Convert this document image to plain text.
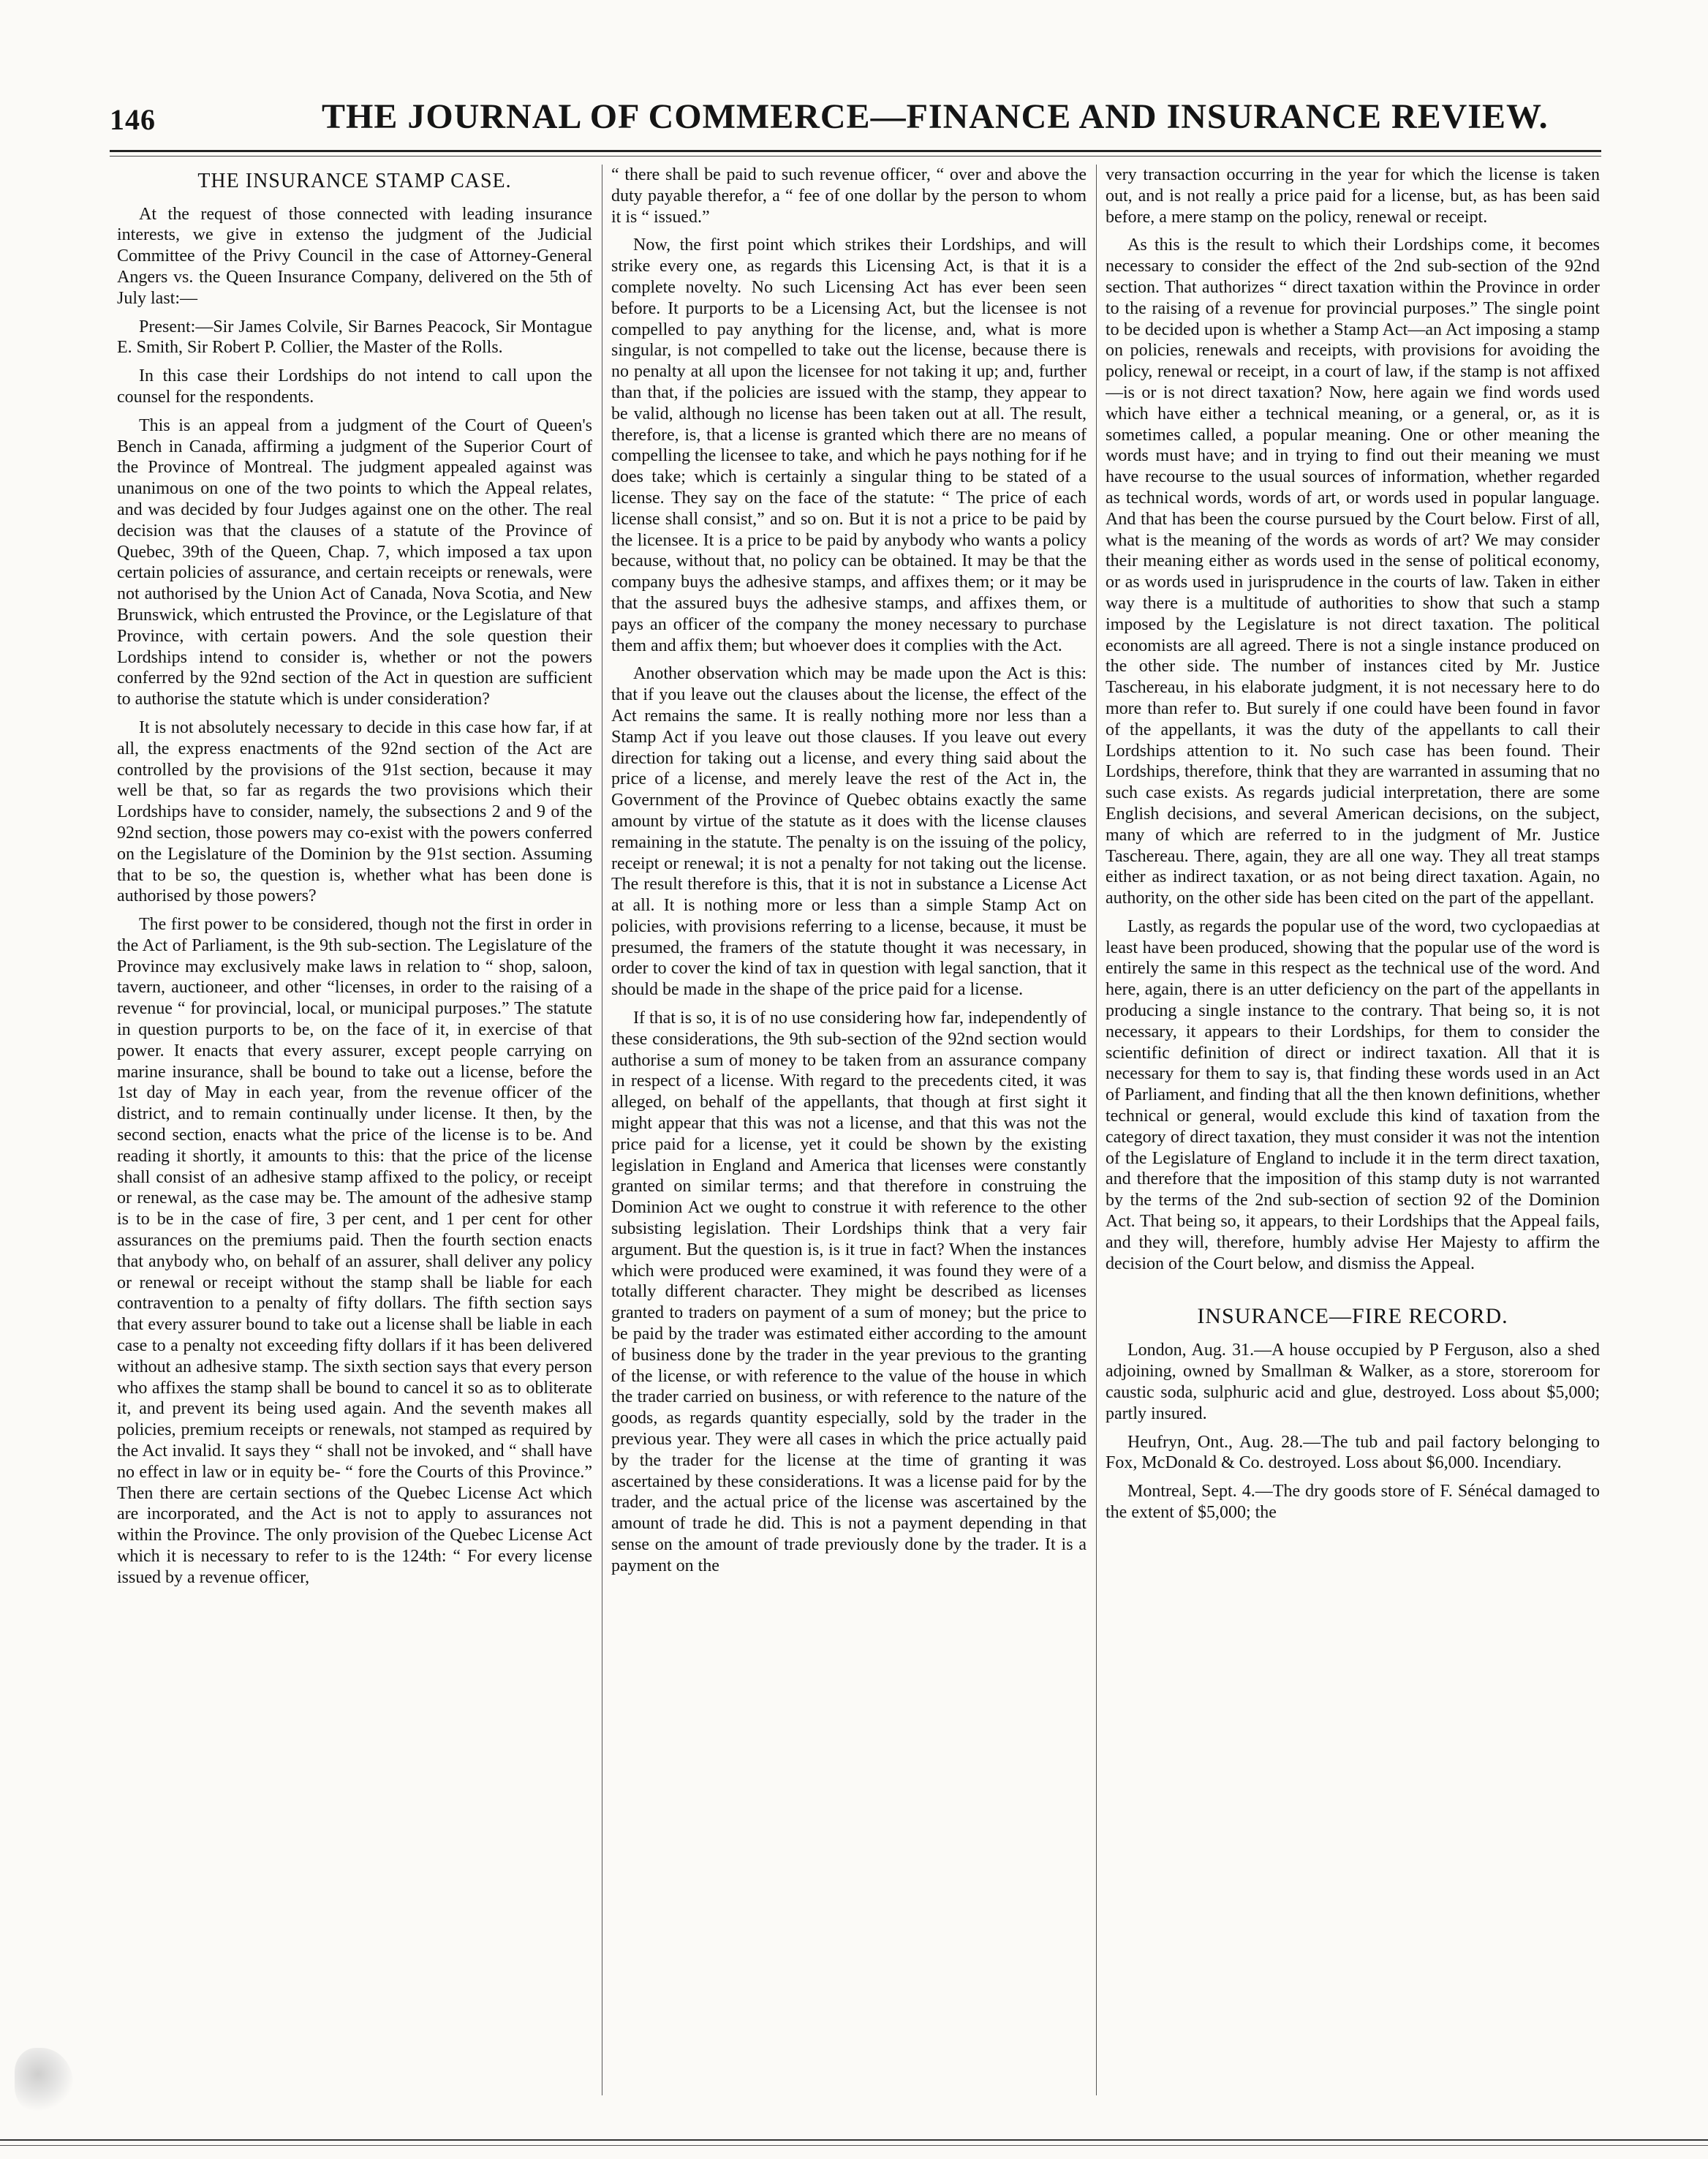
146	THE JOURNAL OF COMMERCE—FINANCE AND INSURANCE REVIEW.
THE INSURANCE STAMP CASE.

At the request of those connected with leading insurance interests, we give in extenso the judgment of the Judicial Committee of the Privy Council in the case of Attorney-General Angers vs. the Queen Insurance Company, delivered on the 5th of July last:—

Present:—Sir James Colvile, Sir Barnes Peacock, Sir Montague E. Smith, Sir Robert P. Collier, the Master of the Rolls.

In this case their Lordships do not intend to call upon the counsel for the respondents.

This is an appeal from a judgment of the Court of Queen's Bench in Canada, affirming a judgment of the Superior Court of the Province of Montreal. The judgment appealed against was unanimous on one of the two points to which the Appeal relates, and was decided by four Judges against one on the other. The real decision was that the clauses of a statute of the Province of Quebec, 39th of the Queen, Chap. 7, which imposed a tax upon certain policies of assurance, and certain receipts or renewals, were not authorised by the Union Act of Canada, Nova Scotia, and New Brunswick, which entrusted the Province, or the Legislature of that Province, with certain powers. And the sole question their Lordships intend to consider is, whether or not the powers conferred by the 92nd section of the Act in question are sufficient to authorise the statute which is under consideration?

It is not absolutely necessary to decide in this case how far, if at all, the express enactments of the 92nd section of the Act are controlled by the provisions of the 91st section, because it may well be that, so far as regards the two provisions which their Lordships have to consider, namely, the subsections 2 and 9 of the 92nd section, those powers may co-exist with the powers conferred on the Legislature of the Dominion by the 91st section. Assuming that to be so, the question is, whether what has been done is authorised by those powers?

The first power to be considered, though not the first in order in the Act of Parliament, is the 9th sub-section. The Legislature of the Province may exclusively make laws in relation to “ shop, saloon, tavern, auctioneer, and other “licenses, in order to the raising of a revenue “ for provincial, local, or municipal purposes.” The statute in question purports to be, on the face of it, in exercise of that power. It enacts that every assurer, except people carrying on marine insurance, shall be bound to take out a license, before the 1st day of May in each year, from the revenue officer of the district, and to remain continually under license. It then, by the second section, enacts what the price of the license is to be. And reading it shortly, it amounts to this: that the price of the license shall consist of an adhesive stamp affixed to the policy, or receipt or renewal, as the case may be. The amount of the adhesive stamp is to be in the case of fire, 3 per cent, and 1 per cent for other assurances on the premiums paid. Then the fourth section enacts that anybody who, on behalf of an assurer, shall deliver any policy or renewal or receipt without the stamp shall be liable for each contravention to a penalty of fifty dollars. The fifth section says that every assurer bound to take out a license shall be liable in each case to a penalty not exceeding fifty dollars if it has been delivered without an adhesive stamp. The sixth section says that every person who affixes the stamp shall be bound to cancel it so as to obliterate it, and prevent its being used again. And the seventh makes all policies, premium receipts or renewals, not stamped as required by the Act invalid. It says they “ shall not be invoked, and “ shall have no effect in law or in equity be- “ fore the Courts of this Province.” Then there are certain sections of the Quebec License Act which are incorporated, and the Act is not to apply to assurances not within the Province. The only provision of the Quebec License Act which it is necessary to refer to is the 124th: “ For every license issued by a revenue officer,

“ there shall be paid to such revenue officer, “ over and above the duty payable therefor, a “ fee of one dollar by the person to whom it is “ issued.”

Now, the first point which strikes their Lordships, and will strike every one, as regards this Licensing Act, is that it is a complete novelty. No such Licensing Act has ever been seen before. It purports to be a Licensing Act, but the licensee is not compelled to pay anything for the license, and, what is more singular, is not compelled to take out the license, because there is no penalty at all upon the licensee for not taking it up; and, further than that, if the policies are issued with the stamp, they appear to be valid, although no license has been taken out at all. The result, therefore, is, that a license is granted which there are no means of compelling the licensee to take, and which he pays nothing for if he does take; which is certainly a singular thing to be stated of a license. They say on the face of the statute: “ The price of each license shall consist,” and so on. But it is not a price to be paid by the licensee. It is a price to be paid by anybody who wants a policy because, without that, no policy can be obtained. It may be that the company buys the adhesive stamps, and affixes them; or it may be that the assured buys the adhesive stamps, and affixes them, or pays an officer of the company the money necessary to purchase them and affix them; but whoever does it complies with the Act.

Another observation which may be made upon the Act is this: that if you leave out the clauses about the license, the effect of the Act remains the same. It is really nothing more nor less than a Stamp Act if you leave out those clauses. If you leave out every direction for taking out a license, and every thing said about the price of a license, and merely leave the rest of the Act in, the Government of the Province of Quebec obtains exactly the same amount by virtue of the statute as it does with the license clauses remaining in the statute. The penalty is on the issuing of the policy, receipt or renewal; it is not a penalty for not taking out the license. The result therefore is this, that it is not in substance a License Act at all. It is nothing more or less than a simple Stamp Act on policies, with provisions referring to a license, because, it must be presumed, the framers of the statute thought it was necessary, in order to cover the kind of tax in question with legal sanction, that it should be made in the shape of the price paid for a license.

If that is so, it is of no use considering how far, independently of these considerations, the 9th sub-section of the 92nd section would authorise a sum of money to be taken from an assurance company in respect of a license. With regard to the precedents cited, it was alleged, on behalf of the appellants, that though at first sight it might appear that this was not a license, and that this was not the price paid for a license, yet it could be shown by the existing legislation in England and America that licenses were constantly granted on similar terms; and that therefore in construing the Dominion Act we ought to construe it with reference to the other subsisting legislation. Their Lordships think that a very fair argument. But the question is, is it true in fact? When the instances which were produced were examined, it was found they were of a totally different character. They might be described as licenses granted to traders on payment of a sum of money; but the price to be paid by the trader was estimated either according to the amount of business done by the trader in the year previous to the granting of the license, or with reference to the value of the house in which the trader carried on business, or with reference to the nature of the goods, as regards quantity especially, sold by the trader in the previous year. They were all cases in which the price actually paid by the trader for the license at the time of granting it was ascertained by these considerations. It was a license paid for by the trader, and the actual price of the license was ascertained by the amount of trade he did. This is not a payment depending in that sense on the amount of trade previously done by the trader. It is a payment on the

very transaction occurring in the year for which the license is taken out, and is not really a price paid for a license, but, as has been said before, a mere stamp on the policy, renewal or receipt.

As this is the result to which their Lordships come, it becomes necessary to consider the effect of the 2nd sub-section of the 92nd section. That authorizes “ direct taxation within the Province in order to the raising of a revenue for provincial purposes.” The single point to be decided upon is whether a Stamp Act—an Act imposing a stamp on policies, renewals and receipts, with provisions for avoiding the policy, renewal or receipt, in a court of law, if the stamp is not affixed—is or is not direct taxation? Now, here again we find words used which have either a technical meaning, or a general, or, as it is sometimes called, a popular meaning. One or other meaning the words must have; and in trying to find out their meaning we must have recourse to the usual sources of information, whether regarded as technical words, words of art, or words used in popular language. And that has been the course pursued by the Court below. First of all, what is the meaning of the words as words of art? We may consider their meaning either as words used in the sense of political economy, or as words used in jurisprudence in the courts of law. Taken in either way there is a multitude of authorities to show that such a stamp imposed by the Legislature is not direct taxation. The political economists are all agreed. There is not a single instance produced on the other side. The number of instances cited by Mr. Justice Taschereau, in his elaborate judgment, it is not necessary here to do more than refer to. But surely if one could have been found in favor of the appellants, it was the duty of the appellants to call their Lordships attention to it. No such case has been found. Their Lordships, therefore, think that they are warranted in assuming that no such case exists. As regards judicial interpretation, there are some English decisions, and several American decisions, on the subject, many of which are referred to in the judgment of Mr. Justice Taschereau. There, again, they are all one way. They all treat stamps either as indirect taxation, or as not being direct taxation. Again, no authority, on the other side has been cited on the part of the appellant.

Lastly, as regards the popular use of the word, two cyclopaedias at least have been produced, showing that the popular use of the word is entirely the same in this respect as the technical use of the word. And here, again, there is an utter deficiency on the part of the appellants in producing a single instance to the contrary. That being so, it is not necessary, it appears to their Lordships, for them to consider the scientific definition of direct or indirect taxation. All that it is necessary for them to say is, that finding these words used in an Act of Parliament, and finding that all the then known definitions, whether technical or general, would exclude this kind of taxation from the category of direct taxation, they must consider it was not the intention of the Legislature of England to include it in the term direct taxation, and therefore that the imposition of this stamp duty is not warranted by the terms of the 2nd sub-section of section 92 of the Dominion Act. That being so, it appears, to their Lordships that the Appeal fails, and they will, therefore, humbly advise Her Majesty to affirm the decision of the Court below, and dismiss the Appeal.

INSURANCE—FIRE RECORD.

London, Aug. 31.—A house occupied by P Ferguson, also a shed adjoining, owned by Smallman & Walker, as a store, storeroom for caustic soda, sulphuric acid and glue, destroyed. Loss about $5,000; partly insured.

Heufryn, Ont., Aug. 28.—The tub and pail factory belonging to Fox, McDonald & Co. destroyed. Loss about $6,000. Incendiary.

Montreal, Sept. 4.—The dry goods store of F. Sénécal damaged to the extent of $5,000; the
